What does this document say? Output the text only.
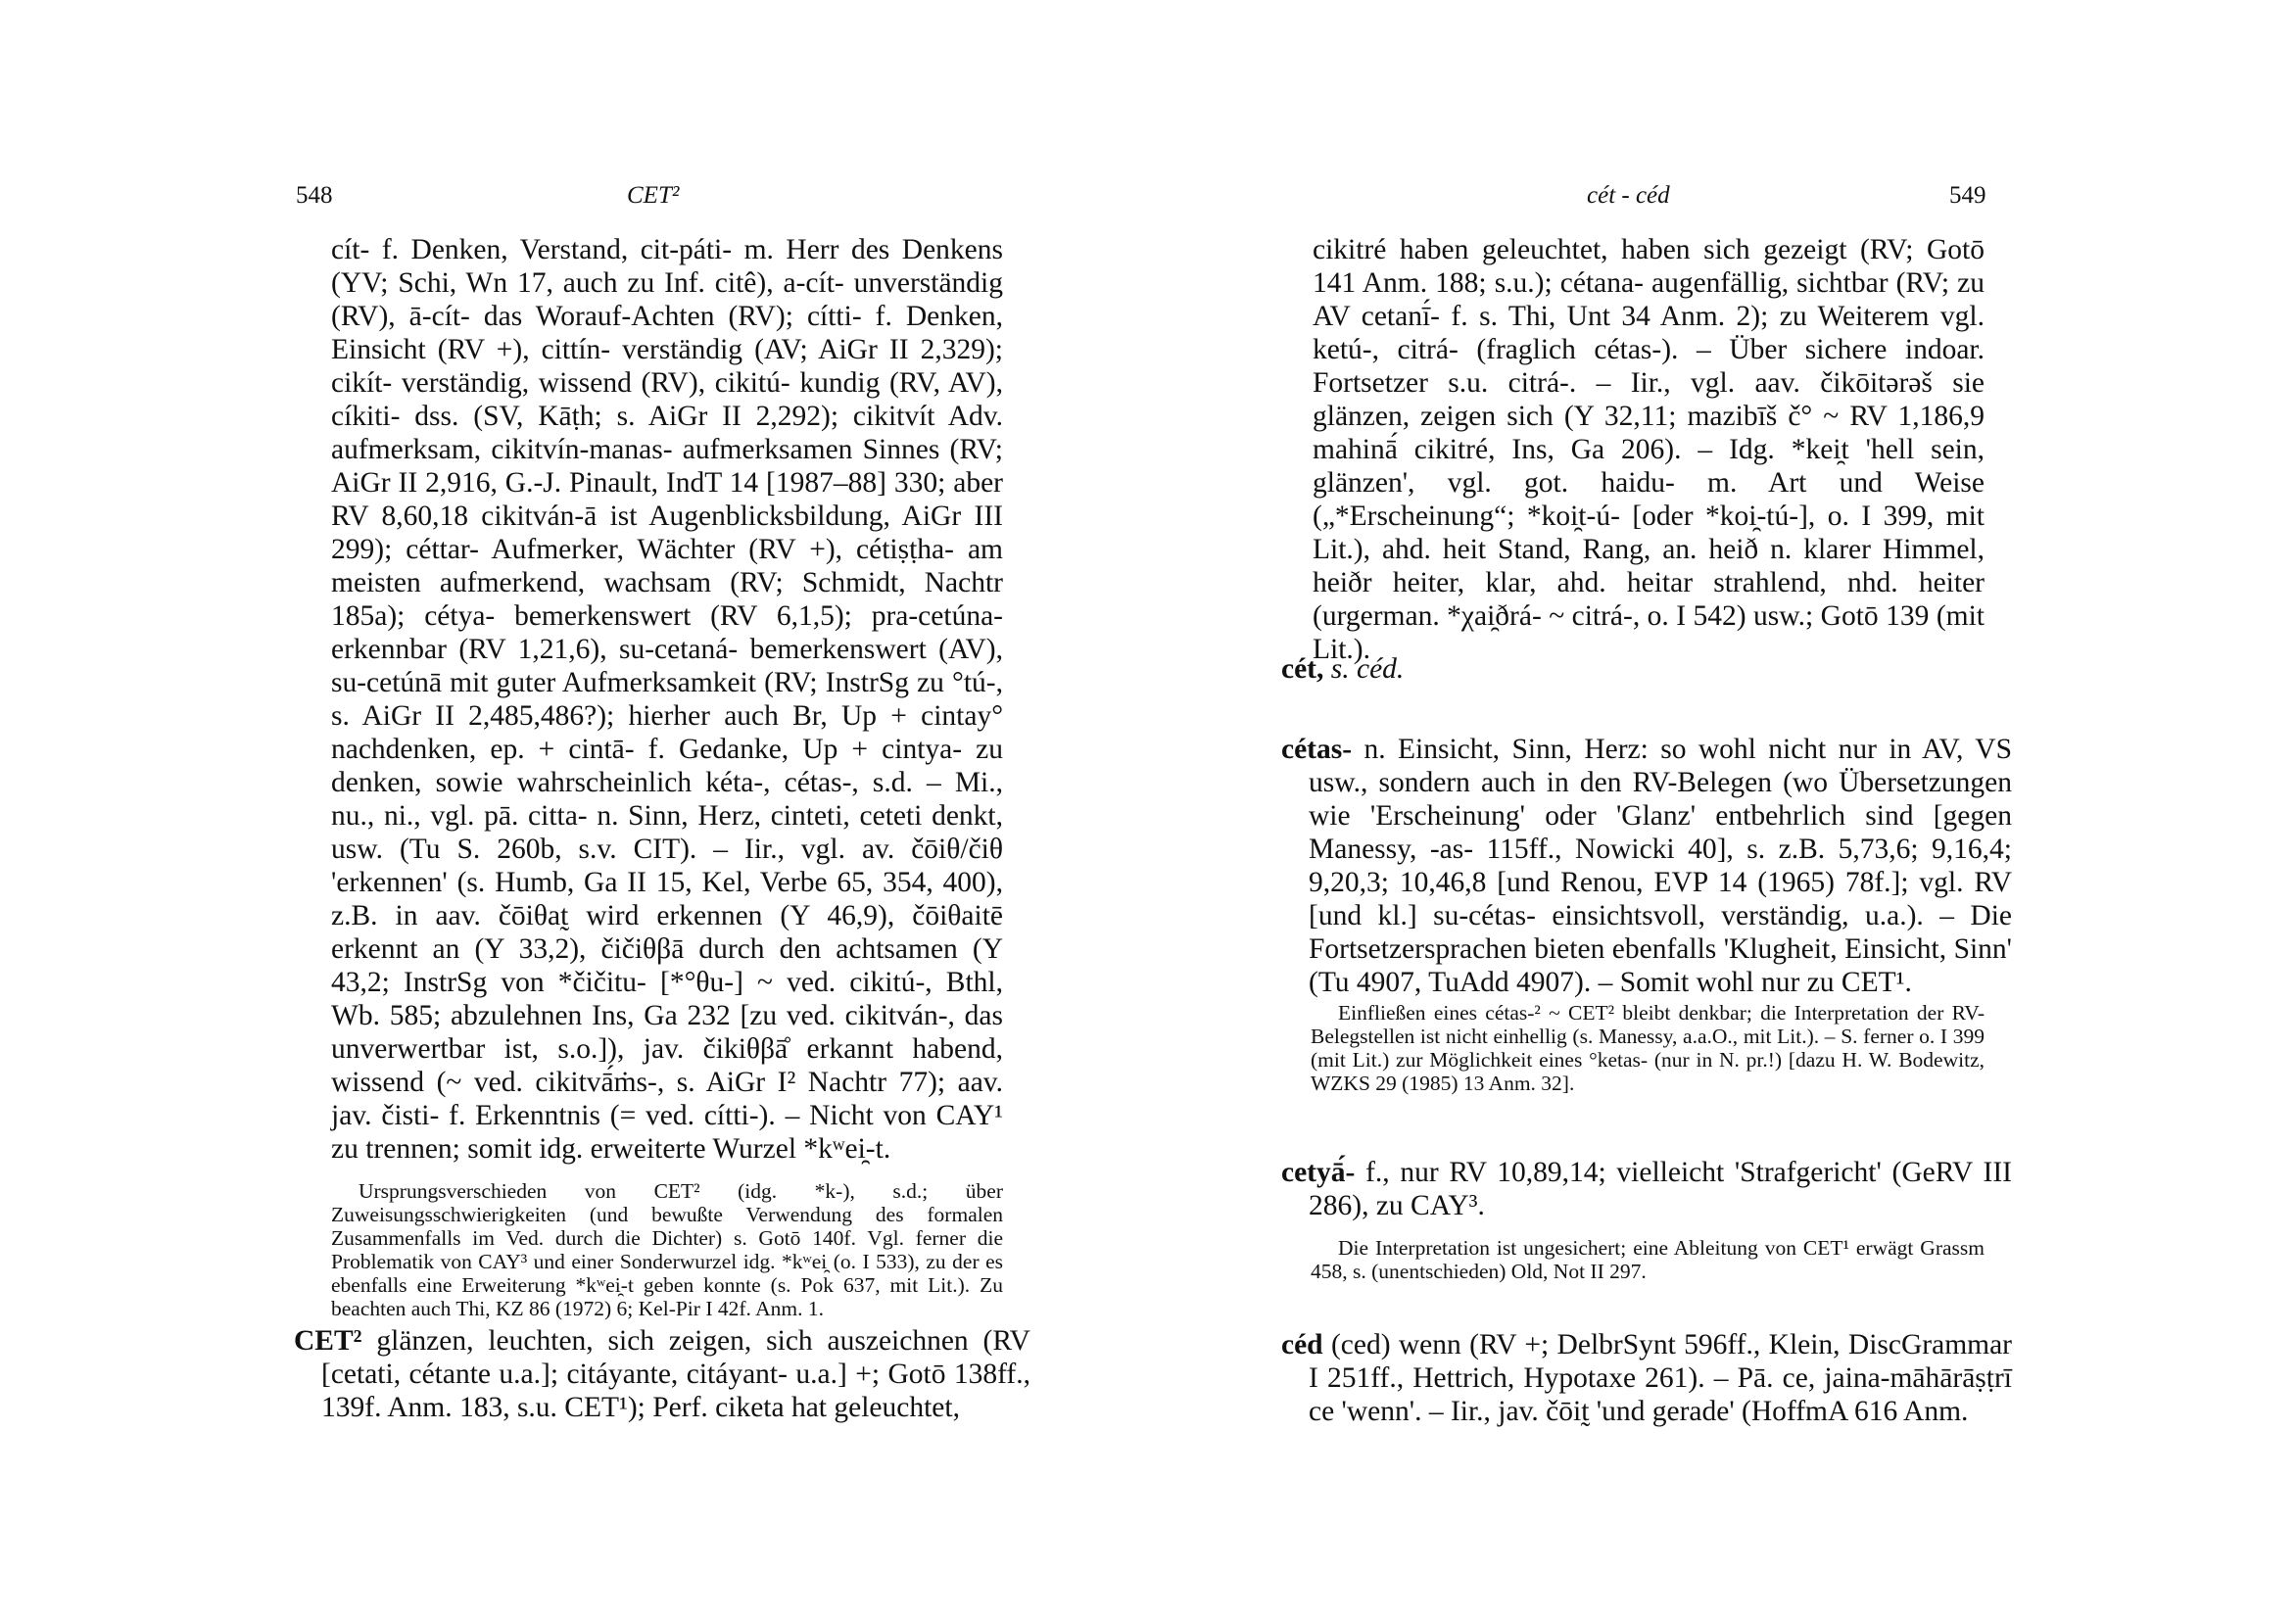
548	CET²

cít- f. Denken, Verstand, cit-páti- m. Herr des Denkens (YV; Schi, Wn 17, auch zu Inf. citê), a-cít- unverständig (RV), ā-cít- das Worauf-Achten (RV); cítti- f. Denken, Einsicht (RV +), cittín- verständig (AV; AiGr II 2,329); cikít- verständig, wissend (RV), cikitú- kundig (RV, AV), cíkiti- dss. (SV, Kāṭh; s. AiGr II 2,292); cikitvít Adv. aufmerksam, cikitvín-manas- aufmerksamen Sinnes (RV; AiGr II 2,916, G.-J. Pinault, IndT 14 [1987–88] 330; aber RV 8,60,18 cikitván-ā ist Augenblicksbildung, AiGr III 299); céttar- Aufmerker, Wächter (RV +), cétiṣṭha- am meisten aufmerkend, wachsam (RV; Schmidt, Nachtr 185a); cétya- bemerkenswert (RV 6,1,5); pra-cetúna- erkennbar (RV 1,21,6), su-cetaná- bemerkenswert (AV), su-cetúnā mit guter Aufmerksamkeit (RV; InstrSg zu °tú-, s. AiGr II 2,485,486?); hierher auch Br, Up + cintay° nachdenken, ep. + cintā- f. Gedanke, Up + cintya- zu denken, sowie wahrscheinlich kéta-, cétas-, s.d. – Mi., nu., ni., vgl. pā. citta- n. Sinn, Herz, cinteti, ceteti denkt, usw. (Tu S. 260b, s.v. CIT). – Iir., vgl. av. čōiθ/čiθ 'erkennen' (s. Humb, Ga II 15, Kel, Verbe 65, 354, 400), z.B. in aav. čōiθat̰ wird erkennen (Y 46,9), čōiθaitē erkennt an (Y 33,2), čičiθβā durch den achtsamen (Y 43,2; InstrSg von *čičitu- [*°θu-] ~ ved. cikitú-, Bthl, Wb. 585; abzulehnen Ins, Ga 232 [zu ved. cikitván-, das unverwertbar ist, s.o.]), jav. čikiθβā̊ erkannt habend, wissend (~ ved. cikitvā́ṁs-, s. AiGr I² Nachtr 77); aav. jav. čisti- f. Erkenntnis (= ved. cítti-). – Nicht von CAY¹ zu trennen; somit idg. erweiterte Wurzel *kʷei̯-t.

Ursprungsverschieden von CET² (idg. *k-), s.d.; über Zuweisungsschwierigkeiten (und bewußte Verwendung des formalen Zusammenfalls im Ved. durch die Dichter) s. Gotō 140f. Vgl. ferner die Problematik von CAY³ und einer Sonderwurzel idg. *kʷei̯ (o. I 533), zu der es ebenfalls eine Erweiterung *kʷei̯-t geben konnte (s. Pok 637, mit Lit.). Zu beachten auch Thi, KZ 86 (1972) 6; Kel-Pir I 42f. Anm. 1.

CET² glänzen, leuchten, sich zeigen, sich auszeichnen (RV [cetati, cétante u.a.]; citáyante, citáyant- u.a.] +; Gotō 138ff., 139f. Anm. 183, s.u. CET¹); Perf. ciketa hat geleuchtet,
cét - céd	549

cikitré haben geleuchtet, haben sich gezeigt (RV; Gotō 141 Anm. 188; s.u.); cétana- augenfällig, sichtbar (RV; zu AV cetanī́- f. s. Thi, Unt 34 Anm. 2); zu Weiterem vgl. ketú-, citrá- (fraglich cétas-). – Über sichere indoar. Fortsetzer s.u. citrá-. – Iir., vgl. aav. čikōitərəš sie glänzen, zeigen sich (Y 32,11; mazibīš č° ~ RV 1,186,9 mahinā́ cikitré, Ins, Ga 206). – Idg. *kei̯t 'hell sein, glänzen', vgl. got. haidu- m. Art und Weise („*Erscheinung“; *koi̯t-ú- [oder *koi̯-tú-], o. I 399, mit Lit.), ahd. heit Stand, Rang, an. heið n. klarer Himmel, heiðr heiter, klar, ahd. heitar strahlend, nhd. heiter (urgerman. *χai̯ðrá- ~ citrá-, o. I 542) usw.; Gotō 139 (mit Lit.).

cét, s. céd.
cétas- n. Einsicht, Sinn, Herz: so wohl nicht nur in AV, VS usw., sondern auch in den RV-Belegen (wo Übersetzungen wie 'Erscheinung' oder 'Glanz' entbehrlich sind [gegen Manessy, -as- 115ff., Nowicki 40], s. z.B. 5,73,6; 9,16,4; 9,20,3; 10,46,8 [und Renou, EVP 14 (1965) 78f.]; vgl. RV [und kl.] su-cétas- einsichtsvoll, verständig, u.a.). – Die Fortsetzersprachen bieten ebenfalls 'Klugheit, Einsicht, Sinn' (Tu 4907, TuAdd 4907). – Somit wohl nur zu CET¹.
Einfließen eines cétas-² ~ CET² bleibt denkbar; die Interpretation der RV-Belegstellen ist nicht einhellig (s. Manessy, a.a.O., mit Lit.). – S. ferner o. I 399 (mit Lit.) zur Möglichkeit eines °ketas- (nur in N. pr.!) [dazu H. W. Bodewitz, WZKS 29 (1985) 13 Anm. 32].
cetyā́- f., nur RV 10,89,14; vielleicht 'Strafgericht' (GeRV III 286), zu CAY³.
Die Interpretation ist ungesichert; eine Ableitung von CET¹ erwägt Grassm 458, s. (unentschieden) Old, Not II 297.
céd (ced) wenn (RV +; DelbrSynt 596ff., Klein, DiscGrammar I 251ff., Hettrich, Hypotaxe 261). – Pā. ce, jaina-māhārāṣṭrī ce 'wenn'. – Iir., jav. čōit̰ 'und gerade' (HoffmA 616 Anm.
